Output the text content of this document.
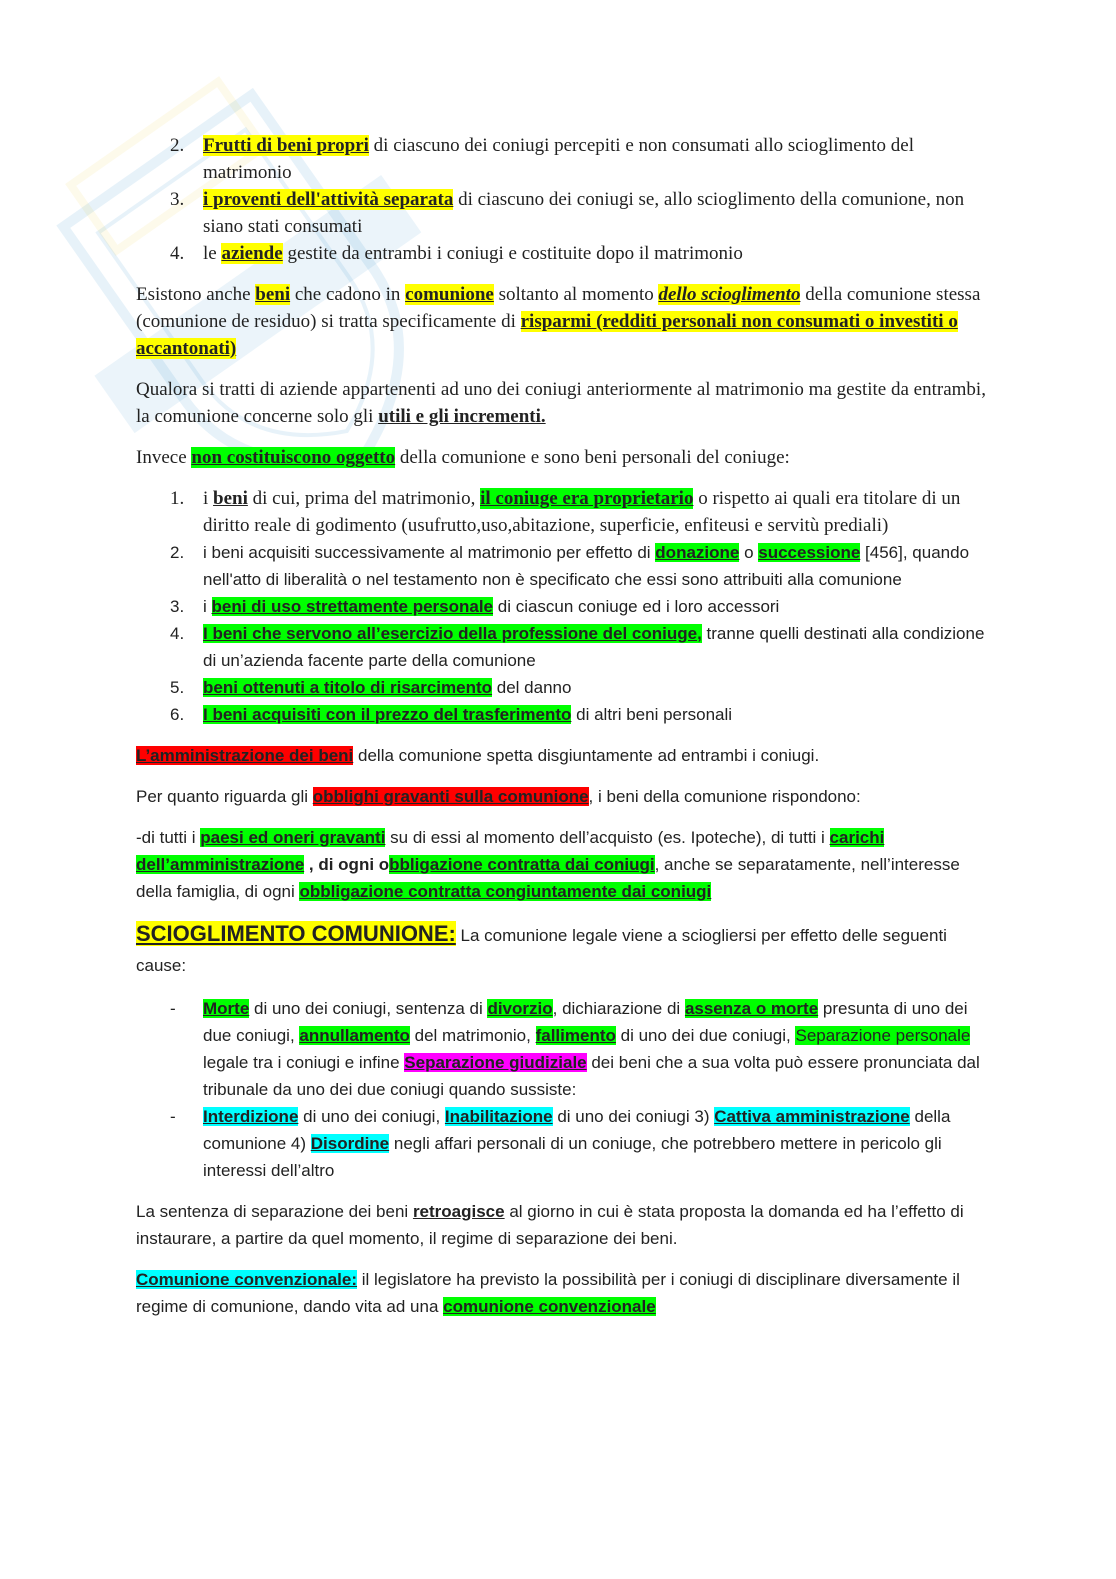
2. Frutti di beni propri di ciascuno dei coniugi percepiti e non consumati allo scioglimento del matrimonio
3. i proventi dell'attività separata di ciascuno dei coniugi se, allo scioglimento della comunione, non siano stati consumati
4. le aziende gestite da entrambi i coniugi e costituite dopo il matrimonio

Esistono anche beni che cadono in comunione soltanto al momento dello scioglimento della comunione stessa (comunione de residuo) si tratta specificamente di risparmi (redditi personali non consumati o investiti o accantonati)

Qualora si tratti di aziende appartenenti ad uno dei coniugi anteriormente al matrimonio ma gestite da entrambi, la comunione concerne solo gli utili e gli incrementi.

Invece non costituiscono oggetto della comunione e sono beni personali del coniuge:

1. i beni di cui, prima del matrimonio, il coniuge era proprietario o rispetto ai quali era titolare di un diritto reale di godimento (usufrutto,uso,abitazione, superficie, enfiteusi e servitù prediali)
2. i beni acquisiti successivamente al matrimonio per effetto di donazione o successione [456], quando nell'atto di liberalità o nel testamento non è specificato che essi sono attribuiti alla comunione
3. i beni di uso strettamente personale di ciascun coniuge ed i loro accessori
4. I beni che servono all’esercizio della professione del coniuge, tranne quelli destinati alla condizione di un’azienda facente parte della comunione
5. beni ottenuti a titolo di risarcimento del danno
6. I beni acquisiti con il prezzo del trasferimento di altri beni personali

L’amministrazione dei beni della comunione spetta disgiuntamente ad entrambi i coniugi.

Per quanto riguarda gli obblighi gravanti sulla comunione, i beni della comunione rispondono:

-di tutti i paesi ed oneri gravanti su di essi al momento dell’acquisto (es. Ipoteche), di tutti i carichi dell’amministrazione , di ogni obbligazione contratta dai coniugi, anche se separatamente, nell’interesse della famiglia, di ogni obbligazione contratta congiuntamente dai coniugi

SCIOGLIMENTO COMUNIONE: La comunione legale viene a sciogliersi per effetto delle seguenti cause:

- Morte di uno dei coniugi, sentenza di divorzio, dichiarazione di assenza o morte presunta di uno dei due coniugi, annullamento del matrimonio, fallimento di uno dei due coniugi, Separazione personale legale tra i coniugi e infine Separazione giudiziale dei beni che a sua volta può essere pronunciata dal tribunale da uno dei due coniugi quando sussiste:
- Interdizione di uno dei coniugi, Inabilitazione di uno dei coniugi 3) Cattiva amministrazione della comunione 4) Disordine negli affari personali di un coniuge, che potrebbero mettere in pericolo gli interessi dell’altro

La sentenza di separazione dei beni retroagisce al giorno in cui è stata proposta la domanda ed ha l’effetto di instaurare, a partire da quel momento, il regime di separazione dei beni.

Comunione convenzionale: il legislatore ha previsto la possibilità per i coniugi di disciplinare diversamente il regime di comunione, dando vita ad una comunione convenzionale
